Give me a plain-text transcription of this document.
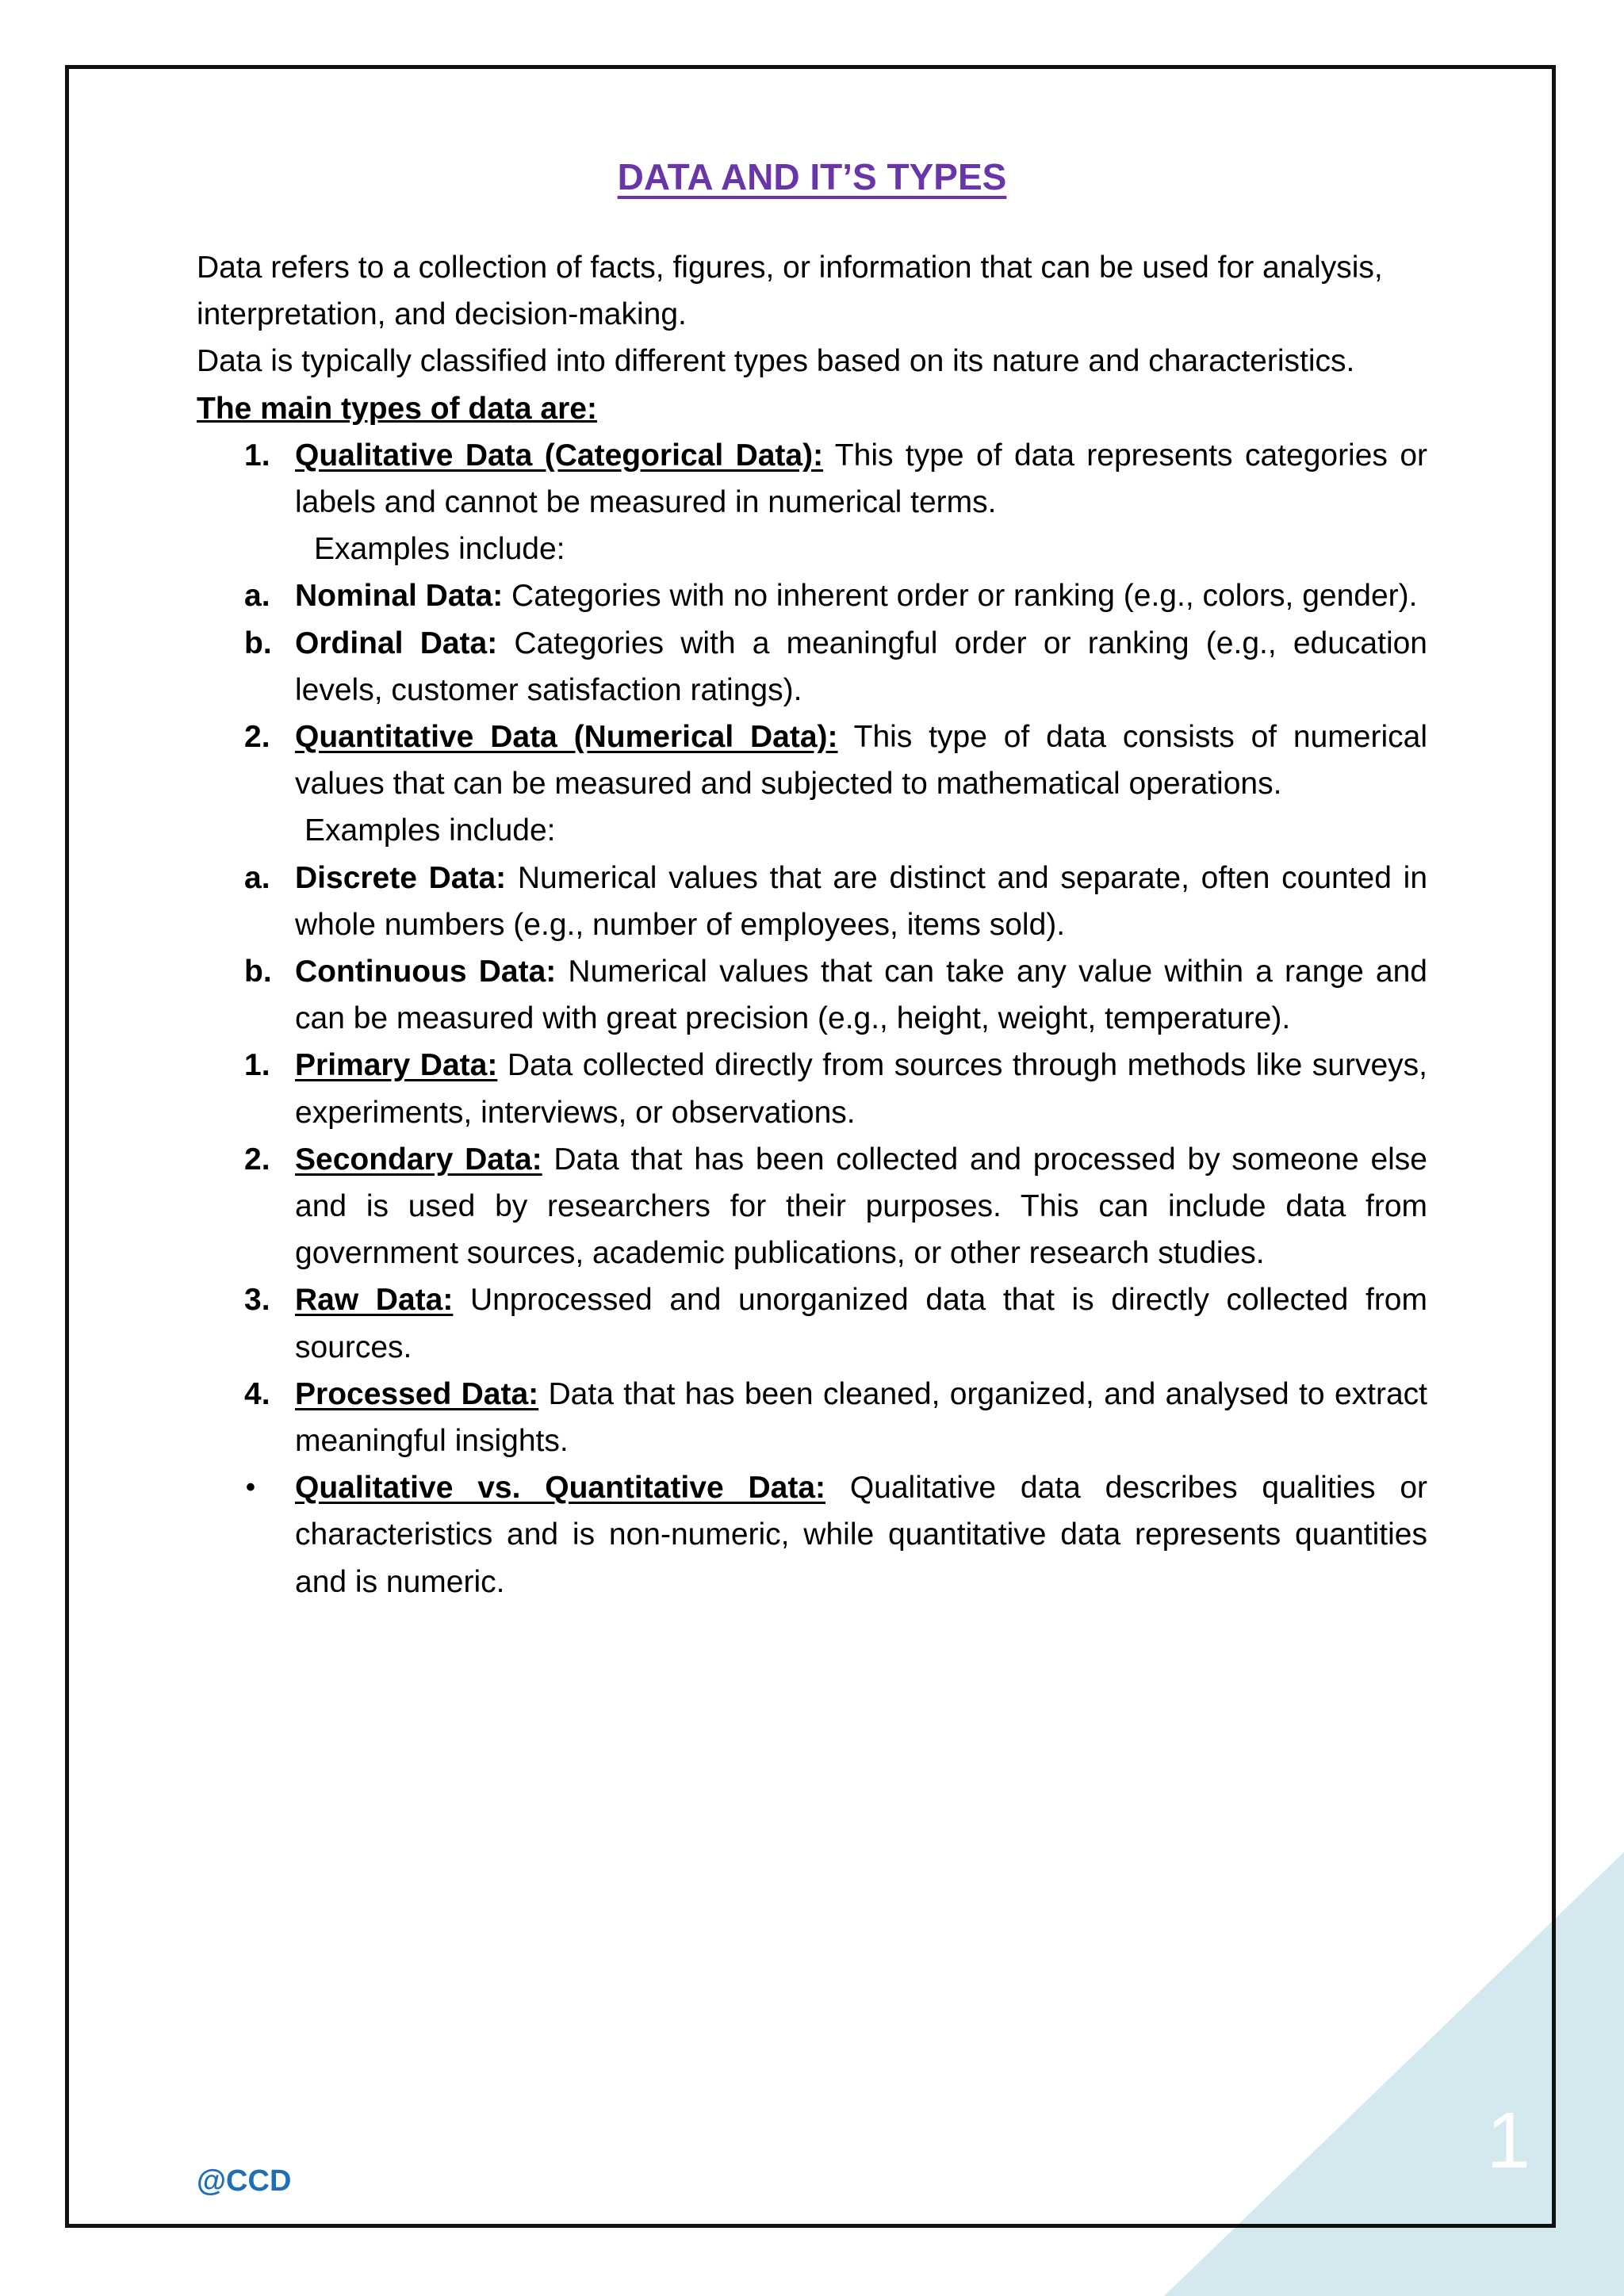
DATA AND IT’S TYPES

Data refers to a collection of facts, figures, or information that can be used for analysis, interpretation, and decision-making.

Data is typically classified into different types based on its nature and characteristics.

The main types of data are:

1. Qualitative Data (Categorical Data): This type of data represents categories or labels and cannot be measured in numerical terms.

Examples include:

a. Nominal Data: Categories with no inherent order or ranking (e.g., colors, gender).

b. Ordinal Data: Categories with a meaningful order or ranking (e.g., education levels, customer satisfaction ratings).

2. Quantitative Data (Numerical Data): This type of data consists of numerical values that can be measured and subjected to mathematical operations.

Examples include:

a. Discrete Data: Numerical values that are distinct and separate, often counted in whole numbers (e.g., number of employees, items sold).

b. Continuous Data: Numerical values that can take any value within a range and can be measured with great precision (e.g., height, weight, temperature).

1. Primary Data: Data collected directly from sources through methods like surveys, experiments, interviews, or observations.

2. Secondary Data: Data that has been collected and processed by someone else and is used by researchers for their purposes. This can include data from government sources, academic publications, or other research studies.

3. Raw Data: Unprocessed and unorganized data that is directly collected from sources.

4. Processed Data: Data that has been cleaned, organized, and analysed to extract meaningful insights.

• Qualitative vs. Quantitative Data: Qualitative data describes qualities or characteristics and is non-numeric, while quantitative data represents quantities and is numeric.

@CCD	1
